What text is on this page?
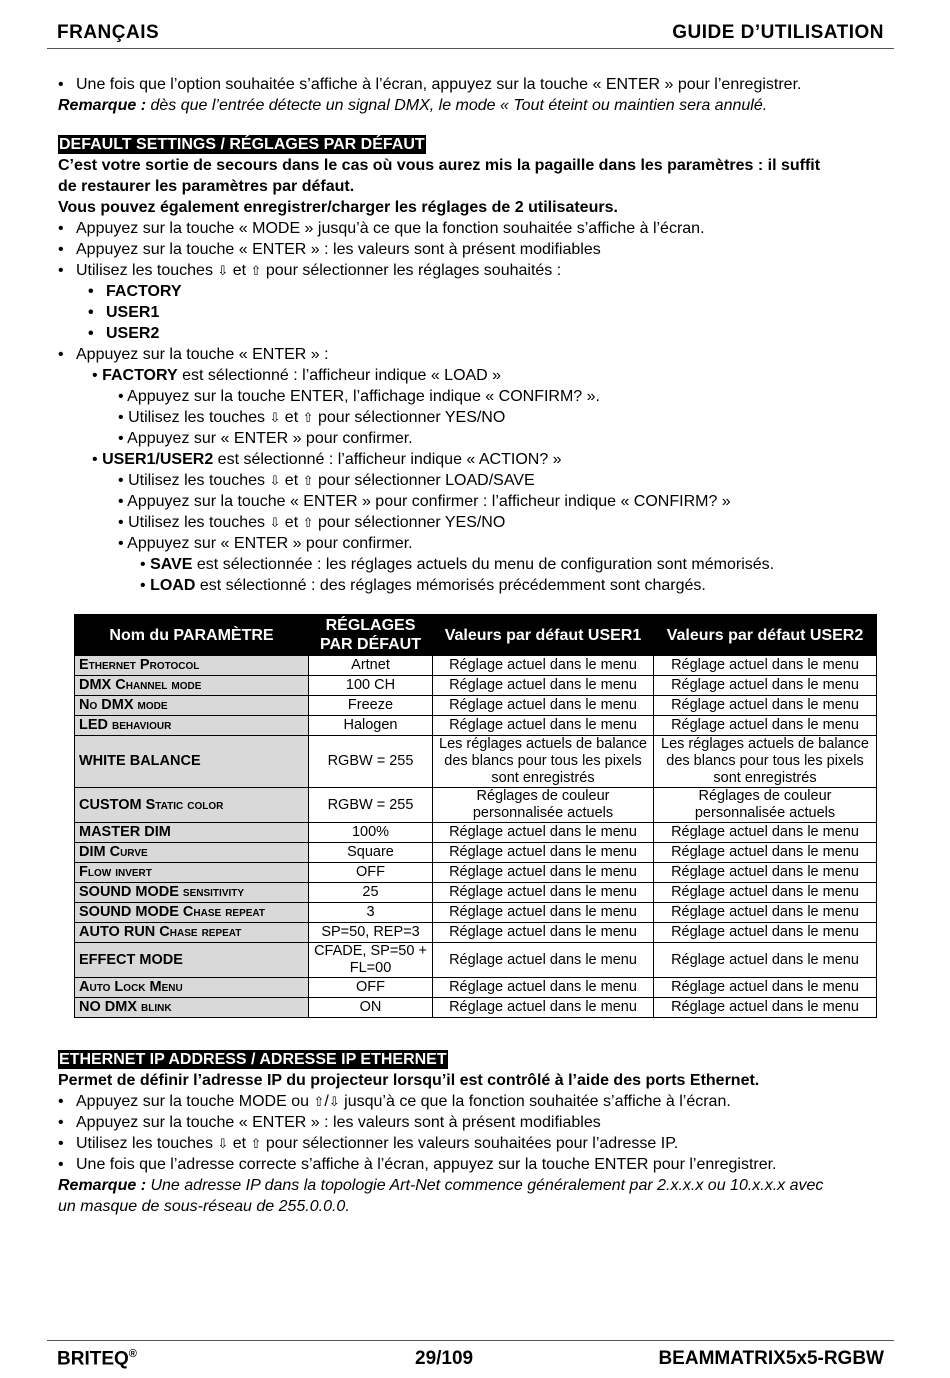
FRANÇAIS	GUIDE D’UTILISATION
• Une fois que l’option souhaitée s’affiche à l’écran, appuyez sur la touche « ENTER » pour l’enregistrer.
Remarque : dès que l’entrée détecte un signal DMX, le mode « Tout éteint ou maintien sera annulé.
DEFAULT SETTINGS / RÉGLAGES PAR DÉFAUT
C’est votre sortie de secours dans le cas où vous aurez mis la pagaille dans les paramètres : il suffit
de restaurer les paramètres par défaut.
Vous pouvez également enregistrer/charger les réglages de 2 utilisateurs.
• Appuyez sur la touche « MODE » jusqu’à ce que la fonction souhaitée s’affiche à l’écran.
• Appuyez sur la touche « ENTER » : les valeurs sont à présent modifiables
• Utilisez les touches ⇩ et ⇧ pour sélectionner les réglages souhaités :
• FACTORY
• USER1
• USER2
• Appuyez sur la touche « ENTER » :
• FACTORY est sélectionné : l’afficheur indique « LOAD »
• Appuyez sur la touche ENTER, l’affichage indique « CONFIRM? ».
• Utilisez les touches ⇩ et ⇧ pour sélectionner YES/NO
• Appuyez sur « ENTER » pour confirmer.
• USER1/USER2 est sélectionné : l’afficheur indique « ACTION? »
• Utilisez les touches ⇩ et ⇧ pour sélectionner LOAD/SAVE
• Appuyez sur la touche « ENTER » pour confirmer : l’afficheur indique « CONFIRM? »
• Utilisez les touches ⇩ et ⇧ pour sélectionner YES/NO
• Appuyez sur « ENTER » pour confirmer.
• SAVE est sélectionnée : les réglages actuels du menu de configuration sont mémorisés.
• LOAD est sélectionné : des réglages mémorisés précédemment sont chargés.
Nom du PARAMÈTRE	RÉGLAGES PAR DÉFAUT	Valeurs par défaut USER1	Valeurs par défaut USER2
Ethernet Protocol	Artnet	Réglage actuel dans le menu	Réglage actuel dans le menu
DMX Channel mode	100 CH	Réglage actuel dans le menu	Réglage actuel dans le menu
No DMX mode	Freeze	Réglage actuel dans le menu	Réglage actuel dans le menu
LED behaviour	Halogen	Réglage actuel dans le menu	Réglage actuel dans le menu
WHITE BALANCE	RGBW = 255	Les réglages actuels de balance des blancs pour tous les pixels sont enregistrés	Les réglages actuels de balance des blancs pour tous les pixels sont enregistrés
CUSTOM Static color	RGBW = 255	Réglages de couleur personnalisée actuels	Réglages de couleur personnalisée actuels
MASTER DIM	100%	Réglage actuel dans le menu	Réglage actuel dans le menu
DIM Curve	Square	Réglage actuel dans le menu	Réglage actuel dans le menu
Flow invert	OFF	Réglage actuel dans le menu	Réglage actuel dans le menu
SOUND MODE sensitivity	25	Réglage actuel dans le menu	Réglage actuel dans le menu
SOUND MODE Chase repeat	3	Réglage actuel dans le menu	Réglage actuel dans le menu
AUTO RUN Chase repeat	SP=50, REP=3	Réglage actuel dans le menu	Réglage actuel dans le menu
EFFECT MODE	CFADE, SP=50 + FL=00	Réglage actuel dans le menu	Réglage actuel dans le menu
Auto Lock Menu	OFF	Réglage actuel dans le menu	Réglage actuel dans le menu
NO DMX blink	ON	Réglage actuel dans le menu	Réglage actuel dans le menu
ETHERNET IP ADDRESS / ADRESSE IP ETHERNET
Permet de définir l’adresse IP du projecteur lorsqu’il est contrôlé à l’aide des ports Ethernet.
• Appuyez sur la touche MODE ou ⇧/⇩ jusqu’à ce que la fonction souhaitée s’affiche à l’écran.
• Appuyez sur la touche « ENTER » : les valeurs sont à présent modifiables
• Utilisez les touches ⇩ et ⇧ pour sélectionner les valeurs souhaitées pour l’adresse IP.
• Une fois que l’adresse correcte s’affiche à l’écran, appuyez sur la touche ENTER pour l’enregistrer.
Remarque : Une adresse IP dans la topologie Art-Net commence généralement par 2.x.x.x ou 10.x.x.x avec
un masque de sous-réseau de 255.0.0.0.
BRITEQ®	29/109	BEAMMATRIX5x5-RGBW
